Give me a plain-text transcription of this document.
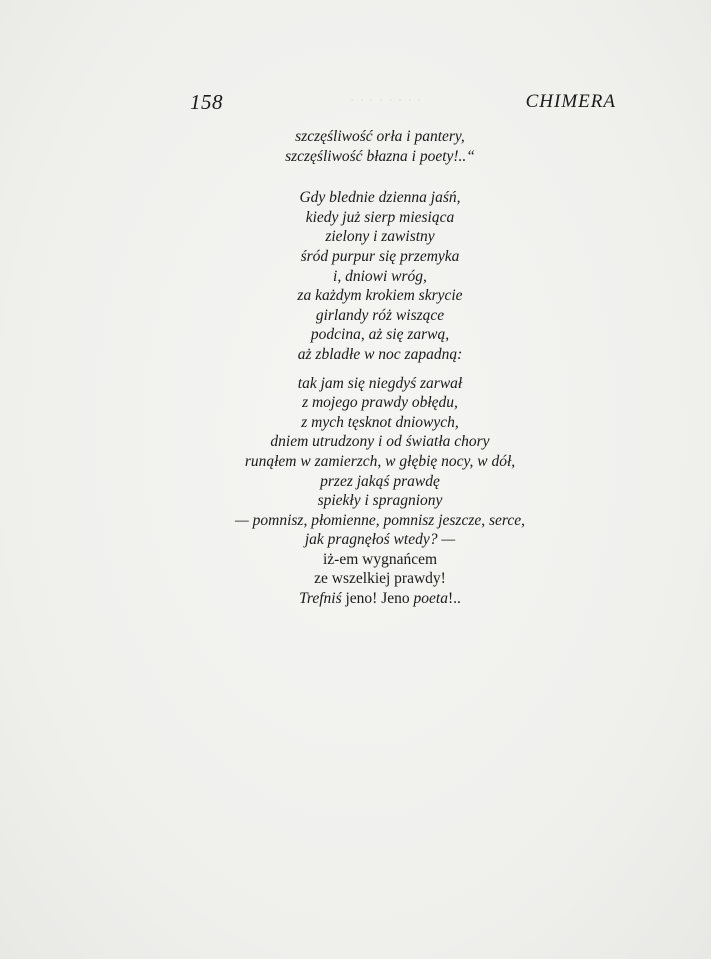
· · · · · · · ·
158	CHIMERA
szczęśliwość orła i pantery,
szczęśliwość błazna i poety!..“
Gdy blednie dzienna jaśń,
kiedy już sierp miesiąca
zielony i zawistny
śród purpur się przemyka
i, dniowi wróg,
za każdym krokiem skrycie
girlandy róż wiszące
podcina, aż się zarwą,
aż zbladłe w noc zapadną:
tak jam się niegdyś zarwał
z mojego prawdy obłędu,
z mych tęsknot dniowych,
dniem utrudzony i od światła chory
runąłem w zamierzch, w głębię nocy, w dół,
przez jakąś prawdę
spiekły i spragniony
— pomnisz, płomienne, pomnisz jeszcze, serce,
jak pragnęłoś wtedy? —
iż-em wygnańcem
ze wszelkiej prawdy!
Trefniś jeno! Jeno poeta!..
